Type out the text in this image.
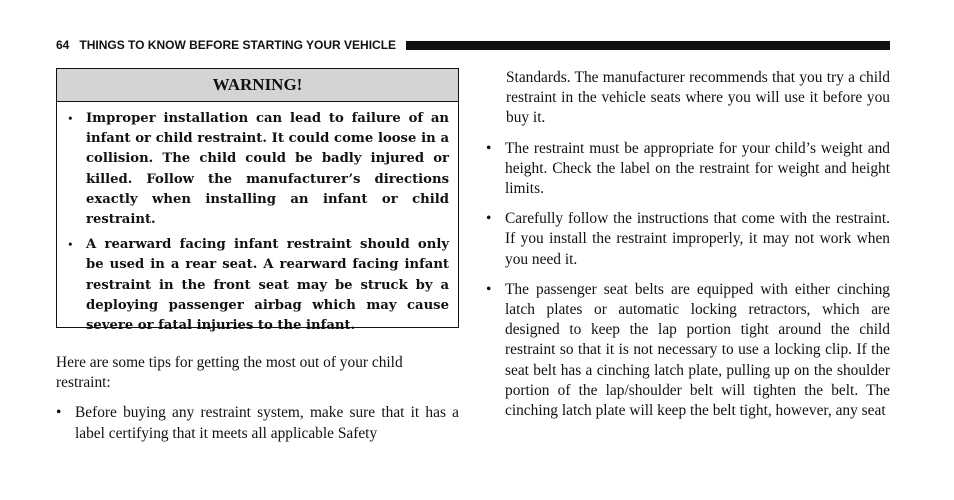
64 THINGS TO KNOW BEFORE STARTING YOUR VEHICLE
WARNING!
•	Improper installation can lead to failure of an infant or child restraint. It could come loose in a collision. The child could be badly injured or killed. Follow the manufacturer’s directions exactly when installing an infant or child restraint.
•	A rearward facing infant restraint should only be used in a rear seat. A rearward facing infant restraint in the front seat may be struck by a deploying passenger airbag which may cause severe or fatal injuries to the infant.

Here are some tips for getting the most out of your child restraint:

• Before buying any restraint system, make sure that it has a label certifying that it meets all applicable Safety

Standards. The manufacturer recommends that you try a child restraint in the vehicle seats where you will use it before you buy it.

• The restraint must be appropriate for your child’s weight and height. Check the label on the restraint for weight and height limits.
• Carefully follow the instructions that come with the restraint. If you install the restraint improperly, it may not work when you need it.
• The passenger seat belts are equipped with either cinching latch plates or automatic locking retractors, which are designed to keep the lap portion tight around the child restraint so that it is not necessary to use a locking clip. If the seat belt has a cinching latch plate, pulling up on the shoulder portion of the lap/shoulder belt will tighten the belt. The cinching latch plate will keep the belt tight, however, any seat
